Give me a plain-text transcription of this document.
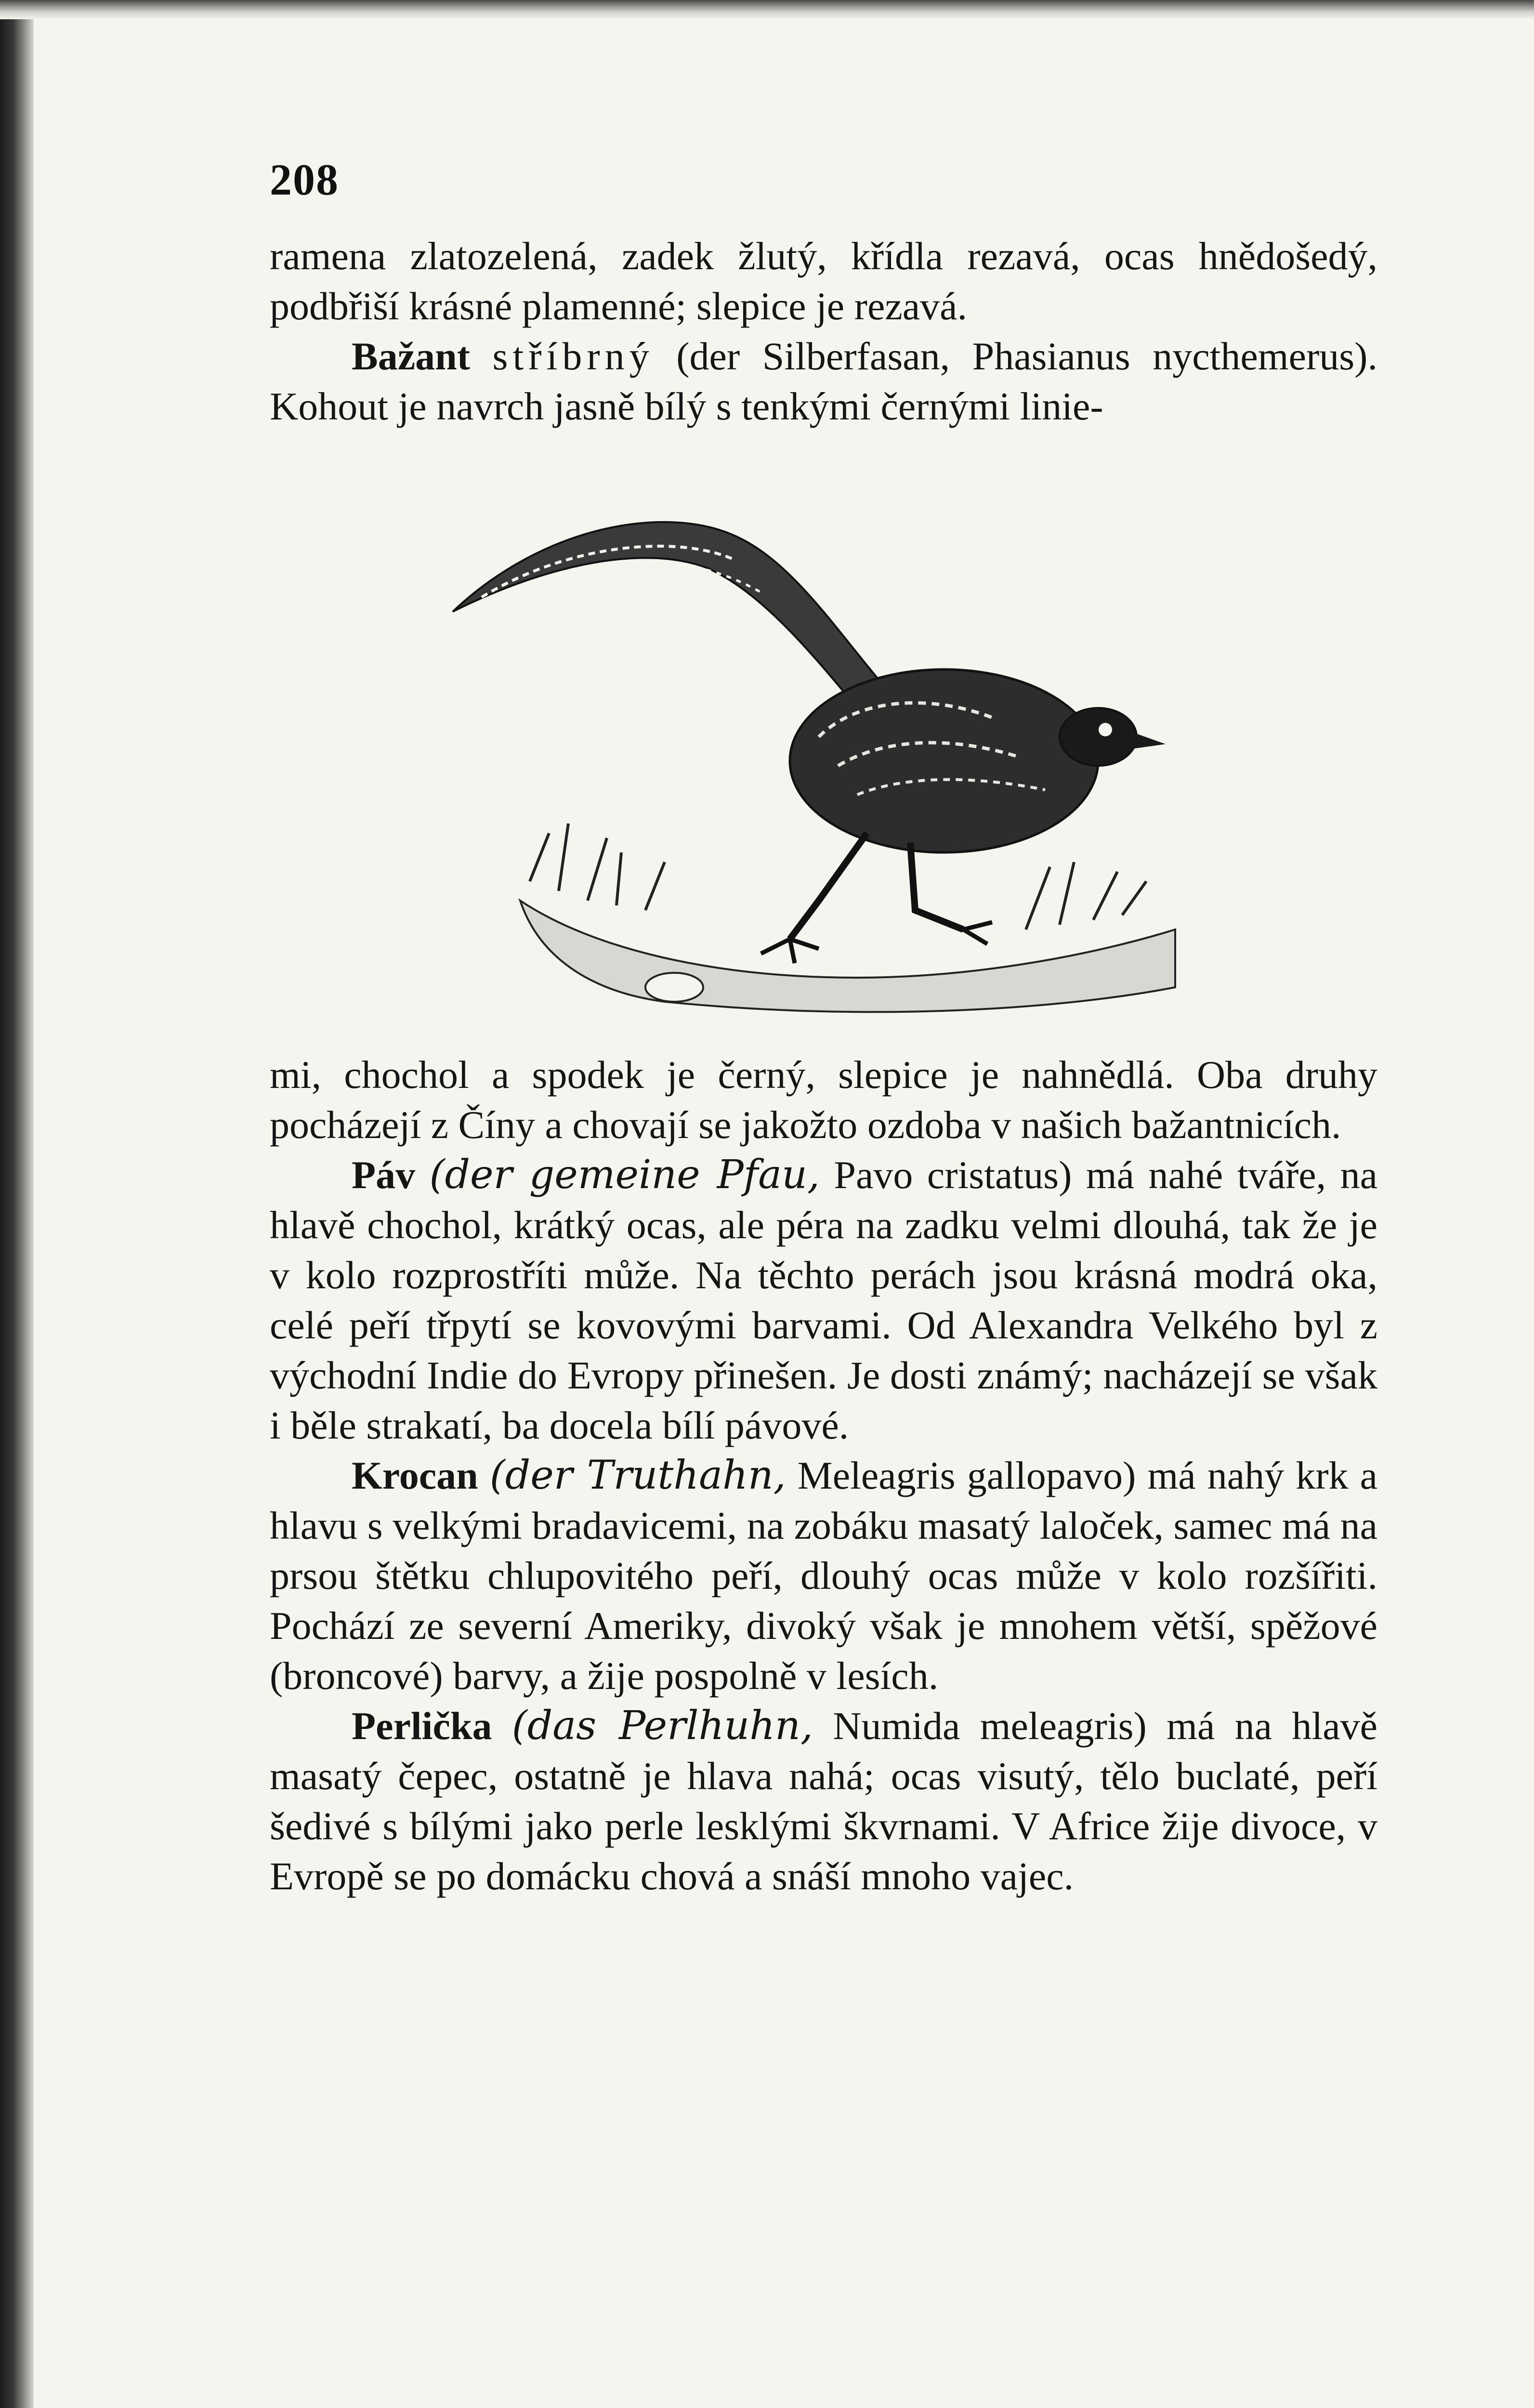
208

ramena zlatozelená, zadek žlutý, křídla rezavá, ocas hnědošedý, podbřiší krásné plamenné; slepice je rezavá.

Bažant stříbrný (der Silberfasan, Phasianus nycthemerus). Kohout je navrch jasně bílý s tenkými černými linie-

mi, chochol a spodek je černý, slepice je nahnědlá. Oba druhy pocházejí z Číny a chovají se jakožto ozdoba v našich bažantnicích.

Páv (der gemeine Pfau, Pavo cristatus) má nahé tváře, na hlavě chochol, krátký ocas, ale péra na zadku velmi dlouhá, tak že je v kolo rozprostříti může. Na těchto perách jsou krásná modrá oka, celé peří třpytí se kovovými barvami. Od Alexandra Velkého byl z východní Indie do Evropy přinešen. Je dosti známý; nacházejí se však i běle strakatí, ba docela bílí pávové.

Krocan (der Truthahn, Meleagris gallopavo) má nahý krk a hlavu s velkými bradavicemi, na zobáku masatý laloček, samec má na prsou štětku chlupovitého peří, dlouhý ocas může v kolo rozšířiti. Pochází ze severní Ameriky, divoký však je mnohem větší, spěžové (broncové) barvy, a žije pospolně v lesích.

Perlička (das Perlhuhn, Numida meleagris) má na hlavě masatý čepec, ostatně je hlava nahá; ocas visutý, tělo buclaté, peří šedivé s bílými jako perle lesklými škvrnami. V Africe žije divoce, v Evropě se po domácku chová a snáší mnoho vajec.
